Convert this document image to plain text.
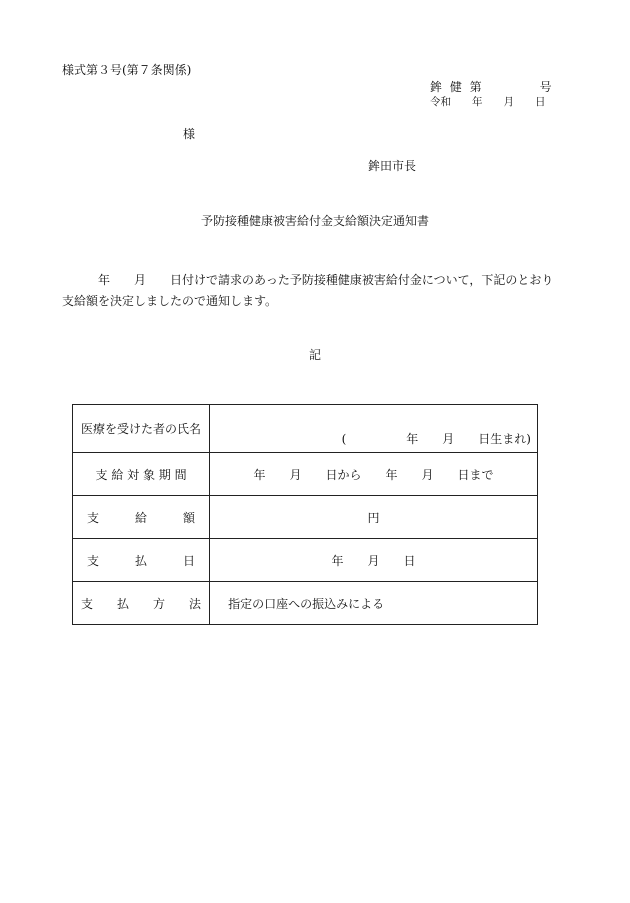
様式第３号(第７条関係)
鉾 健 第　　　　号
令和　　年　　月　　日
様
鉾田市長
予防接種健康被害給付金支給額決定通知書
年　　月　　日付けで請求のあった予防接種健康被害給付金について，下記のとおり支給額を決定しましたので通知します。
記
医療を受けた者の氏名	(　　　　　年　　月　　日生まれ)

支 給 対 象 期 間	年　　月　　日から　　年　　月　　日まで
支　　　給　　　額	円
支　　　払　　　日	年　　月　　日
支　　払　　方　　法	指定の口座への振込みによる
